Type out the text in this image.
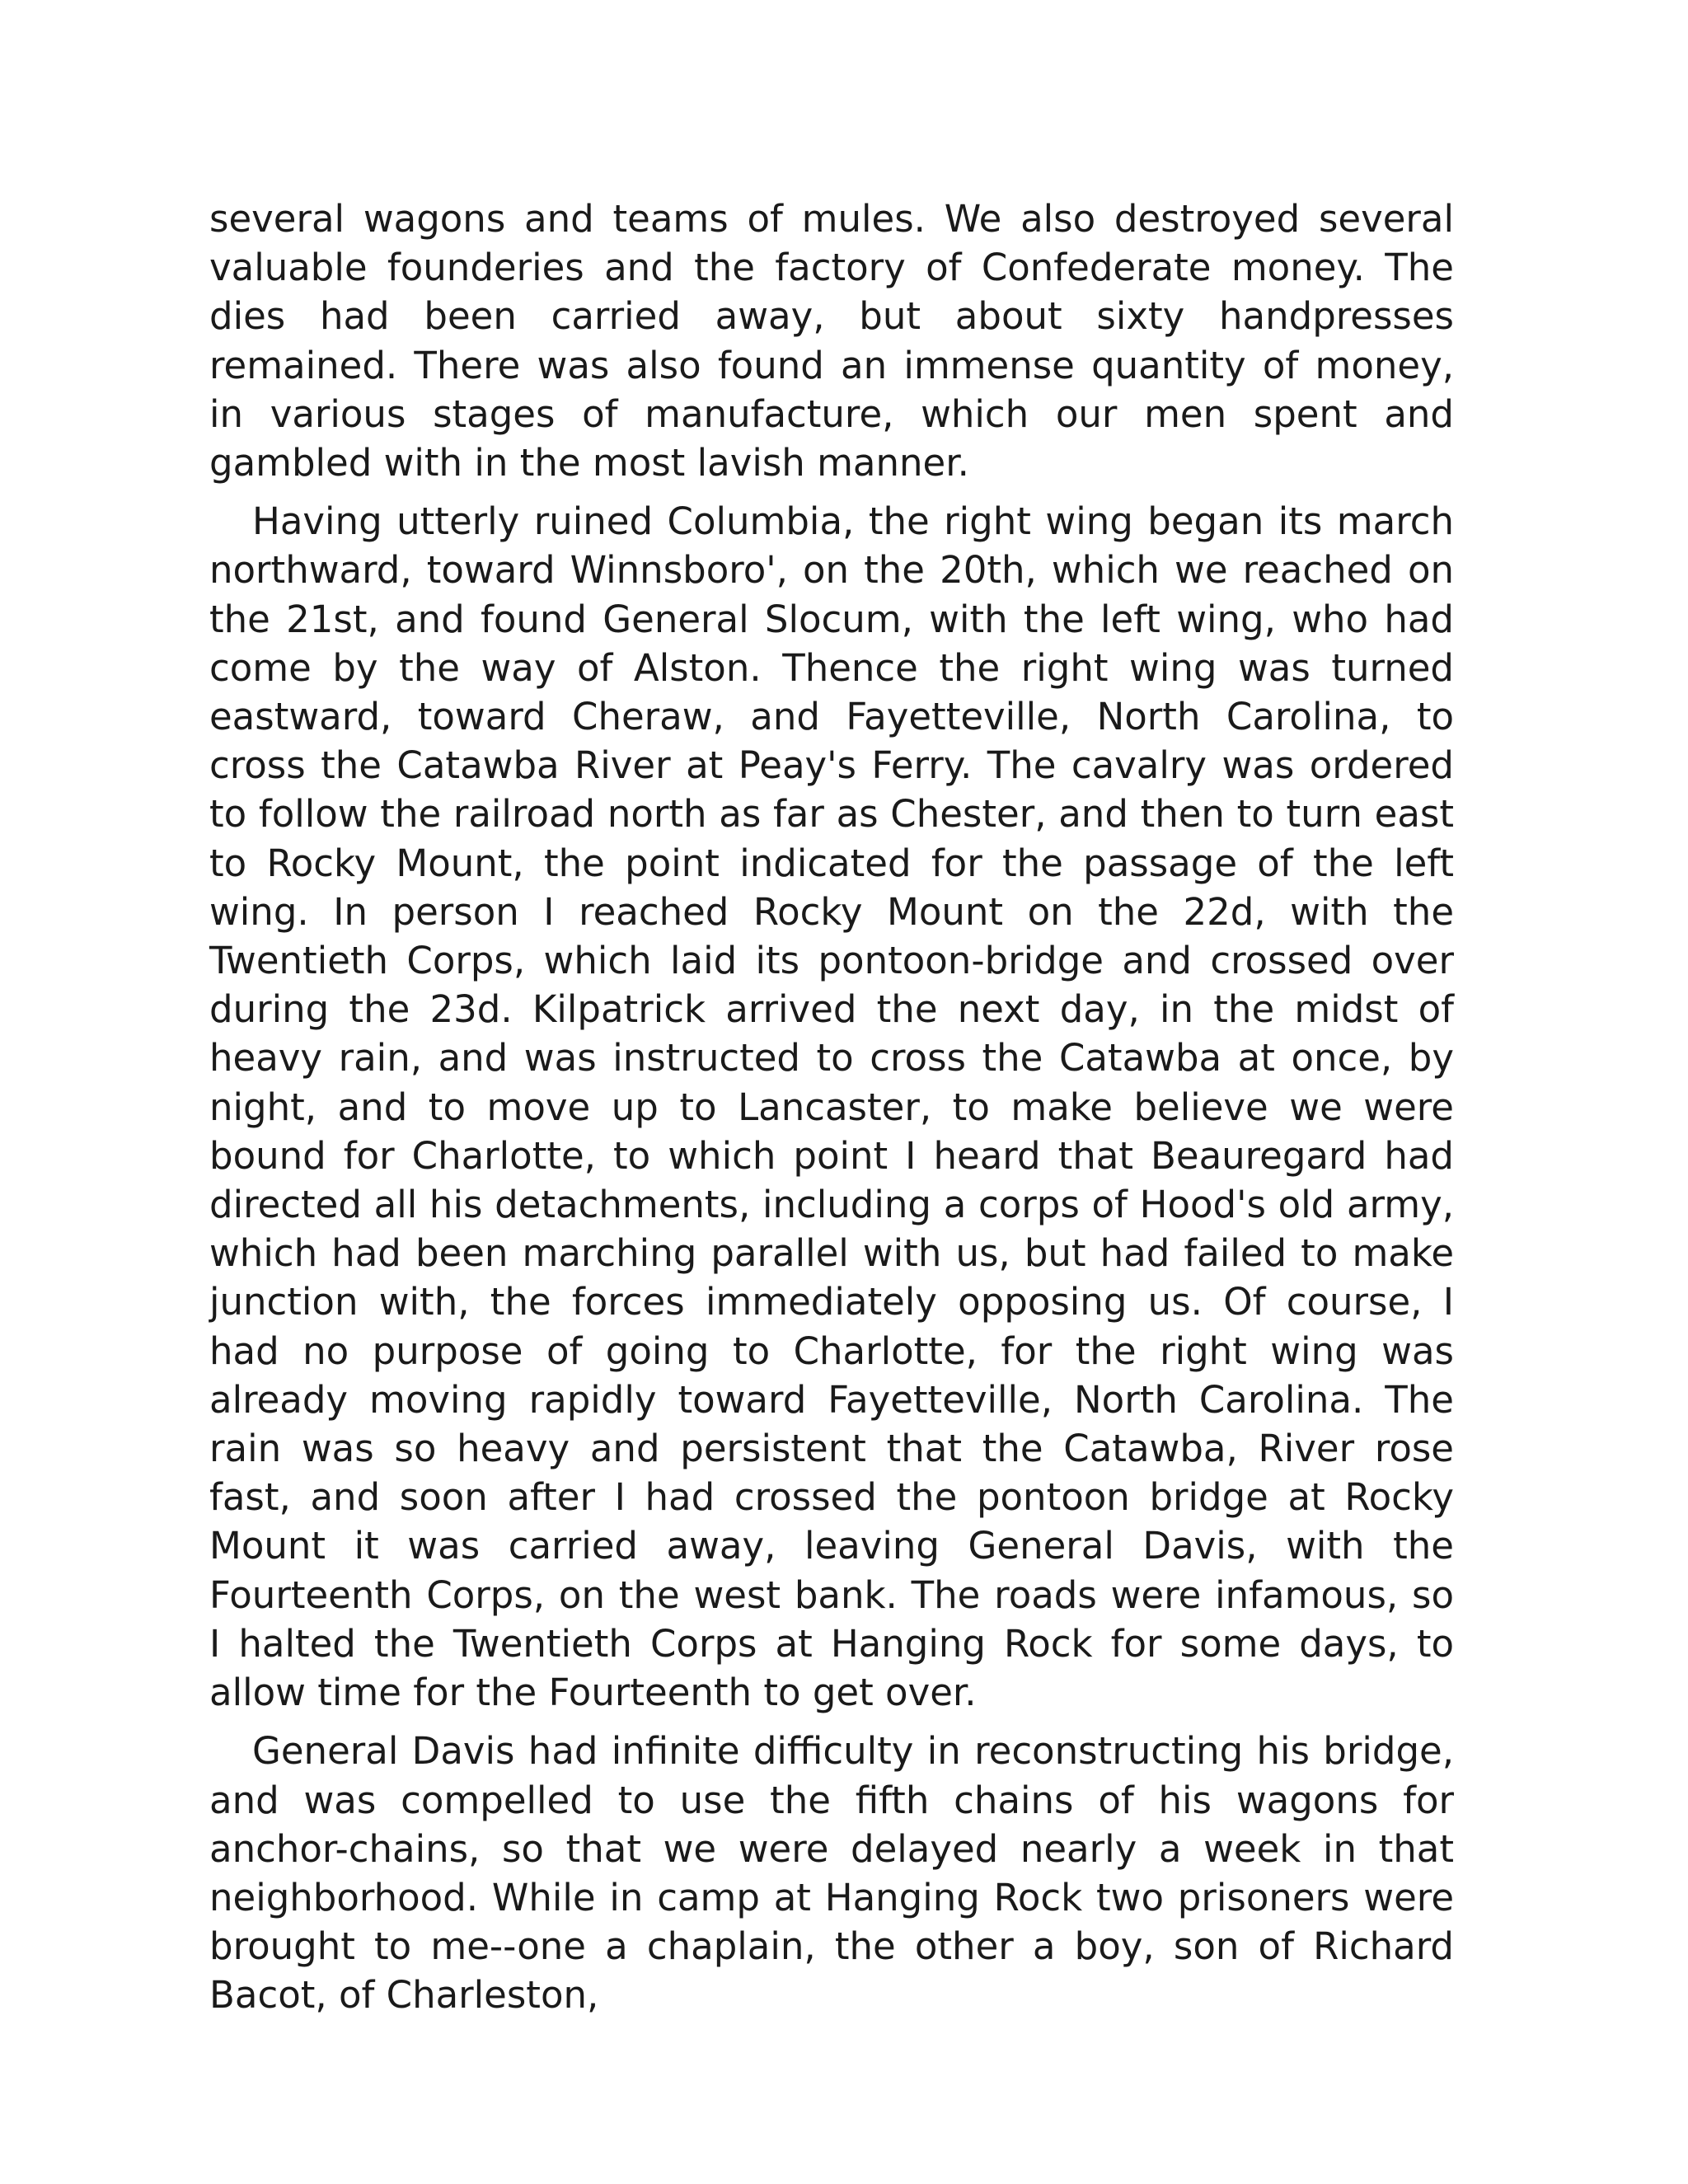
several wagons and teams of mules. We also destroyed several valuable founderies and the factory of Confederate money. The dies had been carried away, but about sixty handpresses remained. There was also found an immense quantity of money, in various stages of manufacture, which our men spent and gambled with in the most lavish manner.

Having utterly ruined Columbia, the right wing began its march northward, toward Winnsboro', on the 20th, which we reached on the 21st, and found General Slocum, with the left wing, who had come by the way of Alston. Thence the right wing was turned eastward, toward Cheraw, and Fayetteville, North Carolina, to cross the Catawba River at Peay's Ferry. The cavalry was ordered to follow the railroad north as far as Chester, and then to turn east to Rocky Mount, the point indicated for the passage of the left wing. In person I reached Rocky Mount on the 22d, with the Twentieth Corps, which laid its pontoon-bridge and crossed over during the 23d. Kilpatrick arrived the next day, in the midst of heavy rain, and was instructed to cross the Catawba at once, by night, and to move up to Lancaster, to make believe we were bound for Charlotte, to which point I heard that Beauregard had directed all his detachments, including a corps of Hood's old army, which had been marching parallel with us, but had failed to make junction with, the forces immediately opposing us. Of course, I had no purpose of going to Charlotte, for the right wing was already moving rapidly toward Fayetteville, North Carolina. The rain was so heavy and persistent that the Catawba, River rose fast, and soon after I had crossed the pontoon bridge at Rocky Mount it was carried away, leaving General Davis, with the Fourteenth Corps, on the west bank. The roads were infamous, so I halted the Twentieth Corps at Hanging Rock for some days, to allow time for the Fourteenth to get over.

General Davis had infinite difficulty in reconstructing his bridge, and was compelled to use the fifth chains of his wagons for anchor-chains, so that we were delayed nearly a week in that neighborhood. While in camp at Hanging Rock two prisoners were brought to me--one a chaplain, the other a boy, son of Richard Bacot, of Charleston,
